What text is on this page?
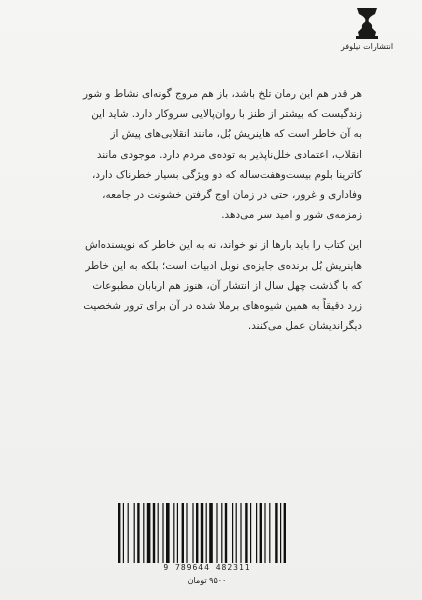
انتشارات نیلوفر

هر قدر هم این رمان تلخ باشد، باز هم مروج گونه‌ای نشاط و شور
زندگیست که بیشتر از طنز با روان‌پالایی سروکار دارد. شاید این
به آن خاطر است که هاینریش بُل، مانند انقلابی‌های پیش از
انقلاب، اعتمادی خلل‌ناپذیر به توده‌ی مردم دارد. موجودی مانند
کاترینا بلوم بیست‌وهفت‌ساله که دو ویژگی بسیار خطرناک دارد،
وفاداری و غرور، حتی در زمان اوج گرفتن خشونت در جامعه،
زمزمه‌ی شور و امید سر می‌دهد.

این کتاب را باید بارها از نو خواند، نه به این خاطر که نویسنده‌اش
هاینریش بُل برنده‌ی جایزه‌ی نوبل ادبیات است؛ بلکه به این خاطر
که با گذشت چهل سال از انتشار آن، هنوز هم اربابان مطبوعات
زرد دقیقاً به همین شیوه‌های برملا شده در آن برای ترور شخصیت
دیگراندیشان عمل می‌کنند.

9 789644 482311
۹۵۰۰ تومان
